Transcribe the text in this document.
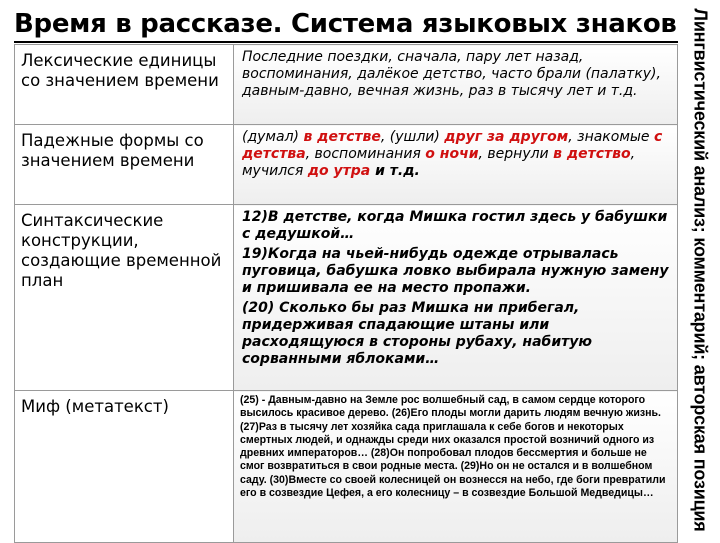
Время в рассказе. Система языковых знаков Лингвистический анализ; комментарий; авторская позиция
Лексические единицы со значением времени	Последние поездки, сначала, пару лет назад, воспоминания, далёкое детство, часто брали (палатку), давным-давно, вечная жизнь, раз в тысячу лет и т.д.
Падежные формы со значением времени	(думал) в детстве, (ушли) друг за другом, знакомые с детства, воспоминания о ночи, вернули в детство, мучился до утра и т.д.
Синтаксические конструкции, создающие временной план	12)В детстве, когда Мишка гостил здесь у бабушки с дедушкой…

19)Когда на чьей-нибудь одежде отрывалась пуговица, бабушка ловко выбирала нужную замену и пришивала ее на место пропажи.

(20) Сколько бы раз Мишка ни прибегал, придерживая спадающие штаны или расходящуюся в стороны рубаху, набитую сорванными яблоками…

Миф (метатекст)	(25) - Давным-давно на Земле рос волшебный сад, в самом сердце которого высилось красивое дерево. (26)Его плоды могли дарить людям вечную жизнь. (27)Раз в тысячу лет хозяйка сада приглашала к себе богов и некоторых смертных людей, и однажды среди них оказался простой возничий одного из древних императоров… (28)Он попробовал плодов бессмертия и больше не смог возвратиться в свои родные места. (29)Но он не остался и в волшебном саду. (30)Вместе со своей колесницей он вознесся на небо, где боги превратили его в созвездие Цефея, а его колесницу – в созвездие Большой Медведицы…
